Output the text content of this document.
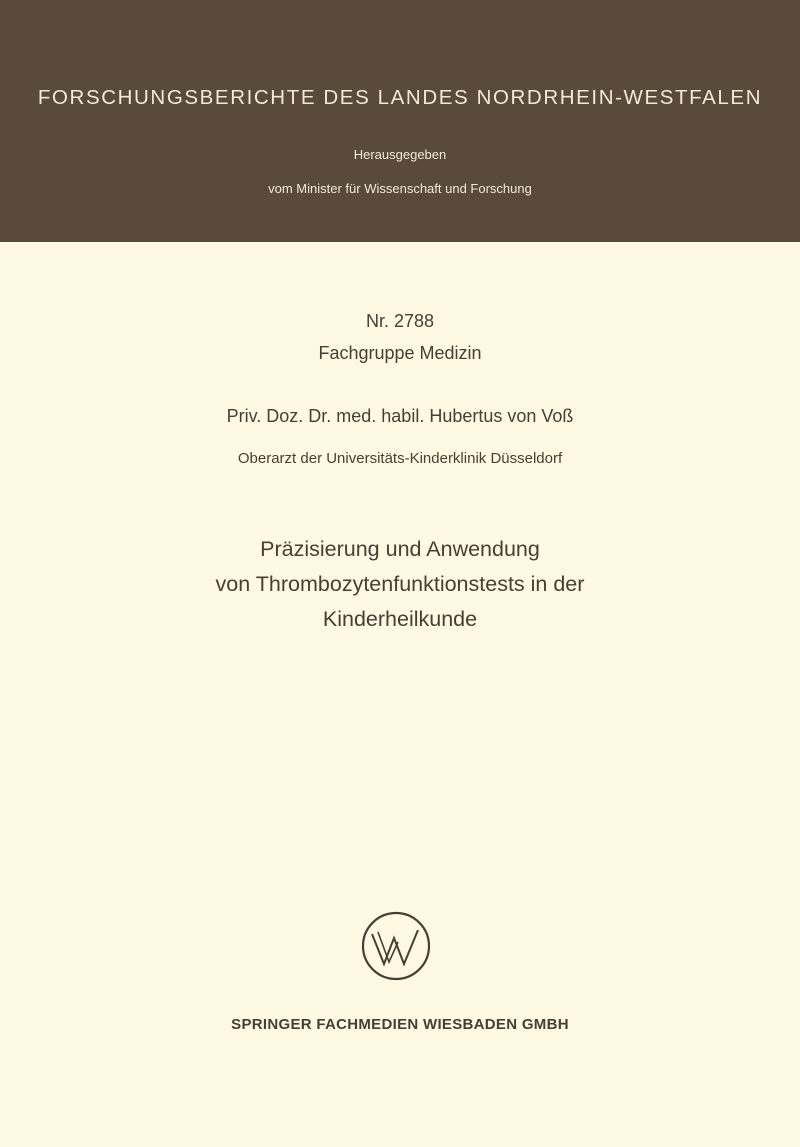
FORSCHUNGSBERICHTE DES LANDES NORDRHEIN-WESTFALEN
Herausgegeben
vom Minister für Wissenschaft und Forschung
Nr. 2788
Fachgruppe Medizin
Priv. Doz. Dr. med. habil. Hubertus von Voß
Oberarzt der Universitäts-Kinderklinik Düsseldorf
Präzisierung und Anwendung
von Thrombozytenfunktionstests in der
Kinderheilkunde
SPRINGER FACHMEDIEN WIESBADEN GMBH
